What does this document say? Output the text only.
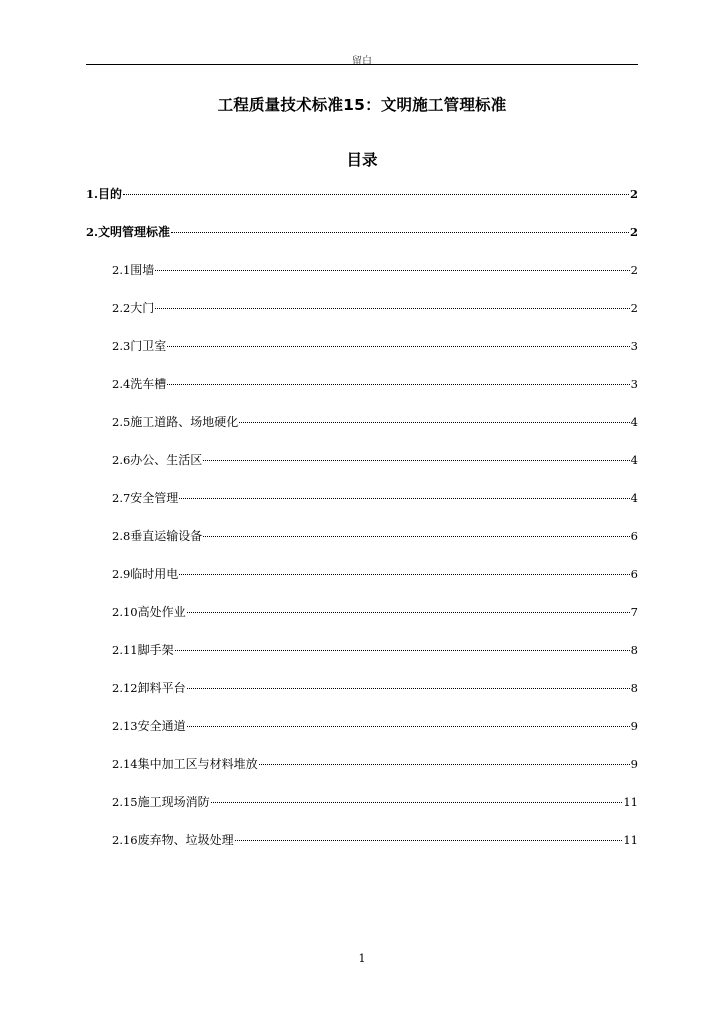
留白
工程质量技术标准15：文明施工管理标准
目录
1. 目的	2
2. 文明管理标准	2
2.1 围墙	2
2.2 大门	2
2.3 门卫室	3
2.4 洗车槽	3
2.5 施工道路、场地硬化	4
2.6 办公、生活区	4
2.7 安全管理	4
2.8 垂直运输设备	6
2.9 临时用电	6
2.10 高处作业	7
2.11 脚手架	8
2.12 卸料平台	8
2.13 安全通道	9
2.14 集中加工区与材料堆放	9
2.15 施工现场消防	11
2.16 废弃物、垃圾处理	11
1
